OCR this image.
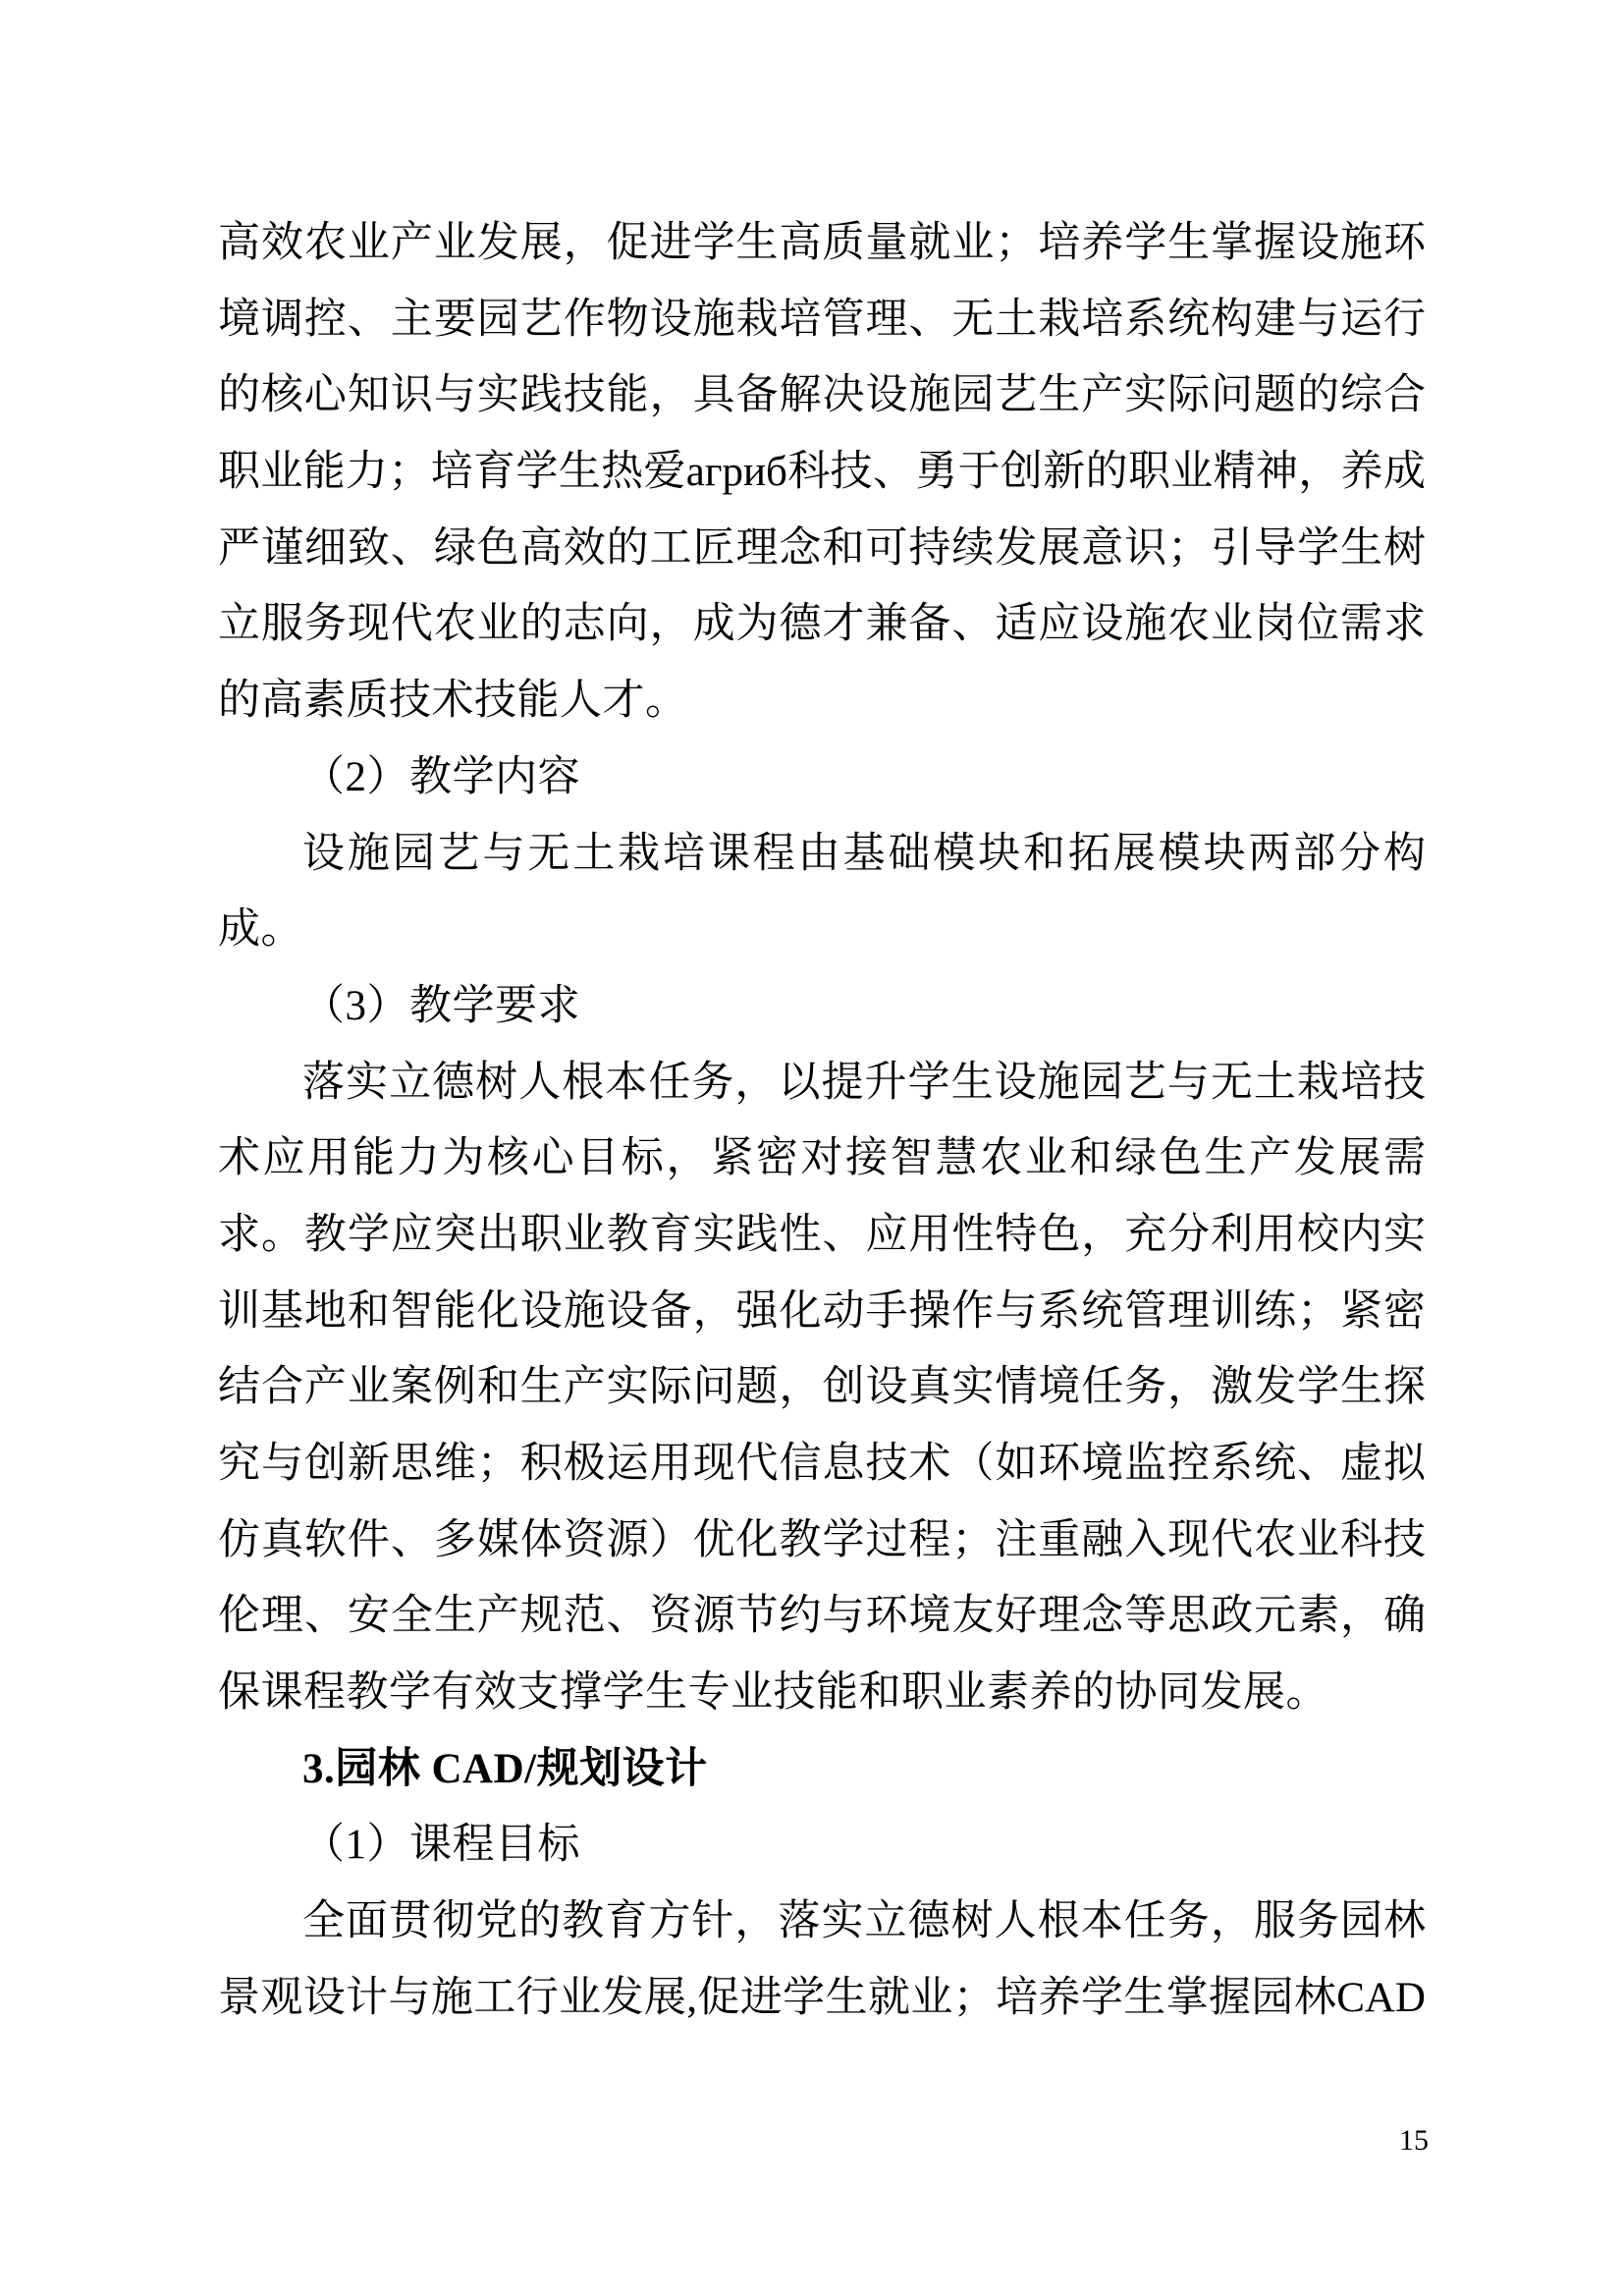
高效农业产业发展，促进学生高质量就业；培养学生掌握设施环
境调控、主要园艺作物设施栽培管理、无土栽培系统构建与运行
的核心知识与实践技能，具备解决设施园艺生产实际问题的综合
职业能力；培育学生热爱агриб科技、勇于创新的职业精神，养成
严谨细致、绿色高效的工匠理念和可持续发展意识；引导学生树
立服务现代农业的志向，成为德才兼备、适应设施农业岗位需求
的高素质技术技能人才。
（2）教学内容
设施园艺与无土栽培课程由基础模块和拓展模块两部分构
成。
（3）教学要求
落实立德树人根本任务，以提升学生设施园艺与无土栽培技
术应用能力为核心目标，紧密对接智慧农业和绿色生产发展需
求。教学应突出职业教育实践性、应用性特色，充分利用校内实
训基地和智能化设施设备，强化动手操作与系统管理训练；紧密
结合产业案例和生产实际问题，创设真实情境任务，激发学生探
究与创新思维；积极运用现代信息技术（如环境监控系统、虚拟
仿真软件、多媒体资源）优化教学过程；注重融入现代农业科技
伦理、安全生产规范、资源节约与环境友好理念等思政元素，确
保课程教学有效支撑学生专业技能和职业素养的协同发展。
3.园林 CAD/规划设计
（1）课程目标
全面贯彻党的教育方针，落实立德树人根本任务，服务园林
景观设计与施工行业发展,促进学生就业；培养学生掌握园林CAD
15
